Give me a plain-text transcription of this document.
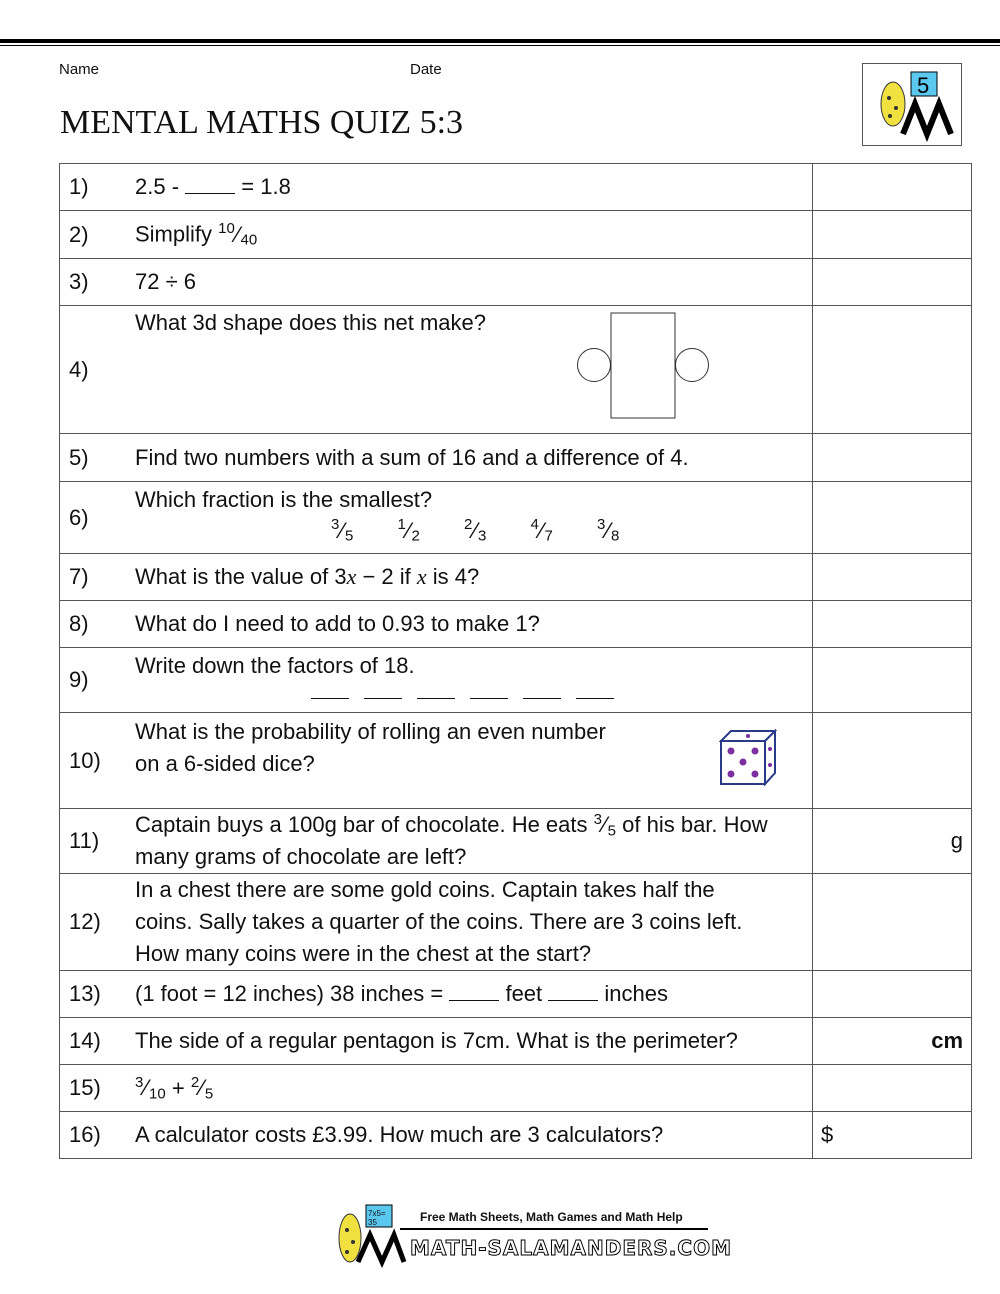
Name	Date
MENTAL MATHS QUIZ 5:3
5
1)	2.5 - = 1.8	
2)	Simplify $^{10}$⁄40	
3)	72 ÷ 6	
4)	What 3d shape does this net make?

5)	Find two numbers with a sum of 16 and a difference of 4.	
6)	Which fraction is the smallest?
$^3$⁄5 $^1$⁄2 $^2$⁄3 $^4$⁄7 $^3$⁄8	

7)	What is the value of 3x − 2 if x is 4?	
8)	What do I need to add to 0.93 to make 1?	
9)	Write down the factors of 18.	

10)	What is the probability of rolling an even number
on a 6-sided dice?	

11)	Captain buys a 100g bar of chocolate. He eats $^3$⁄5 of his bar. How
many grams of chocolate are left?	g
12)	In a chest there are some gold coins. Captain takes half the
coins. Sally takes a quarter of the coins. There are 3 coins left.
How many coins were in the chest at the start?	

13)	(1 foot = 12 inches) 38 inches = feet inches	
14)	The side of a regular pentagon is 7cm. What is the perimeter?	cm
15)	$^3$⁄10 + $^2$⁄5	
16)	A calculator costs £3.99. How much are 3 calculators?	$
7x5= 35	Free Math Sheets, Math Games and Math Help
MATH-SALAMANDERS.COM
